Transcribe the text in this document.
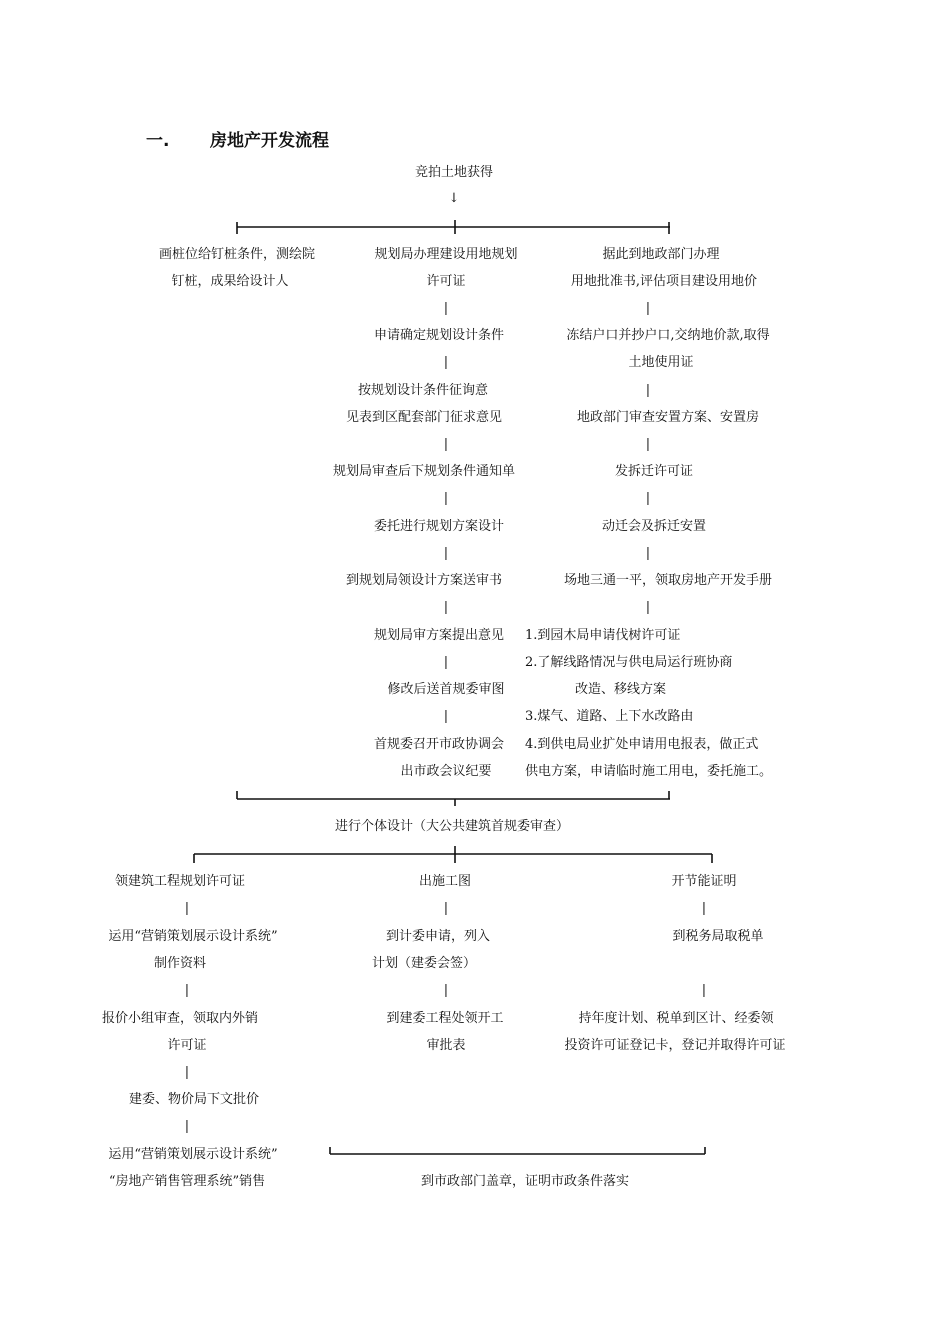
一. 房地产开发流程
竞拍土地获得
↓
画桩位给钉桩条件，测绘院
钉桩，成果给设计人
规划局办理建设用地规划
许可证
|
申请确定规划设计条件
|
按规划设计条件征询意
见表到区配套部门征求意见
|
规划局审查后下规划条件通知单
|
委托进行规划方案设计
|
到规划局领设计方案送审书
|
规划局审方案提出意见
|
修改后送首规委审图
|
首规委召开市政协调会
出市政会议纪要
据此到地政部门办理
用地批准书,评估项目建设用地价
|
冻结户口并抄户口,交纳地价款,取得
土地使用证
|
地政部门审查安置方案、安置房
|
发拆迁许可证
|
动迁会及拆迁安置
|
场地三通一平，领取房地产开发手册
|
1.到园木局申请伐树许可证
2.了解线路情况与供电局运行班协商
改造、移线方案
3.煤气、道路、上下水改路由
4.到供电局业扩处申请用电报表，做正式
供电方案，申请临时施工用电，委托施工。
进行个体设计（大公共建筑首规委审查）
领建筑工程规划许可证
|
运用“营销策划展示设计系统”
制作资料
|
报价小组审查，领取内外销
许可证
|
建委、物价局下文批价
|
运用“营销策划展示设计系统”
“房地产销售管理系统”销售
出施工图
|
到计委申请，列入
计划（建委会签）
|
到建委工程处领开工
审批表
开节能证明
|
到税务局取税单
|
持年度计划、税单到区计、经委领
投资许可证登记卡，登记并取得许可证
到市政部门盖章，证明市政条件落实
